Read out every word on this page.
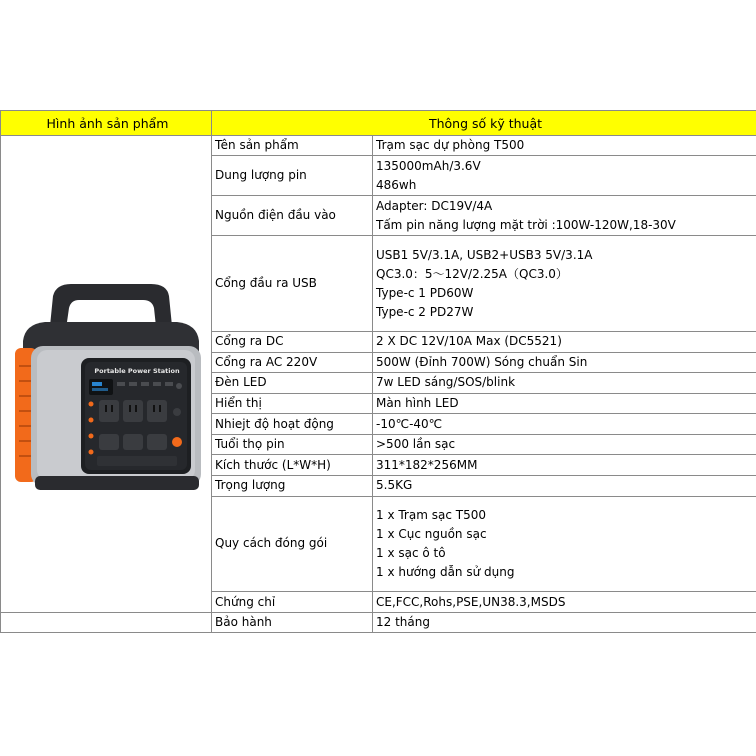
Hình ảnh sản phẩm	Thông số kỹ thuật	

Portable Power Station	Tên sản phẩm	Trạm sạc dự phòng T500
	Dung lượng pin	135000mAh/3.6V
486wh

	Nguồn điện đầu vào	Adapter: DC19V/4A
Tấm pin năng lượng mặt trời :100W-120W,18-30V

	Cổng đầu ra USB	USB1 5V/3.1A, USB2+USB3 5V/3.1A
QC3.0：5～12V/2.25A（QC3.0）
Type-c 1 PD60W
Type-c 2 PD27W

	Cổng ra DC	2 X DC 12V/10A Max (DC5521)
	Cổng ra AC 220V	500W (Đỉnh 700W) Sóng chuẩn Sin
	Đèn LED	7w LED sáng/SOS/blink
	Hiển thị	Màn hình LED
	Nhiejt độ hoạt động	-10℃-40℃
	Tuổi thọ pin	>500 lần sạc
	Kích thước (L*W*H)	311*182*256MM
	Trọng lượng	5.5KG
	Quy cách đóng gói	1 x Trạm sạc T500
1 x Cục nguồn sạc
1 x sạc ô tô
1 x hướng dẫn sử dụng

	Chứng chỉ	CE,FCC,Rohs,PSE,UN38.3,MSDS
	Bảo hành	12 tháng
